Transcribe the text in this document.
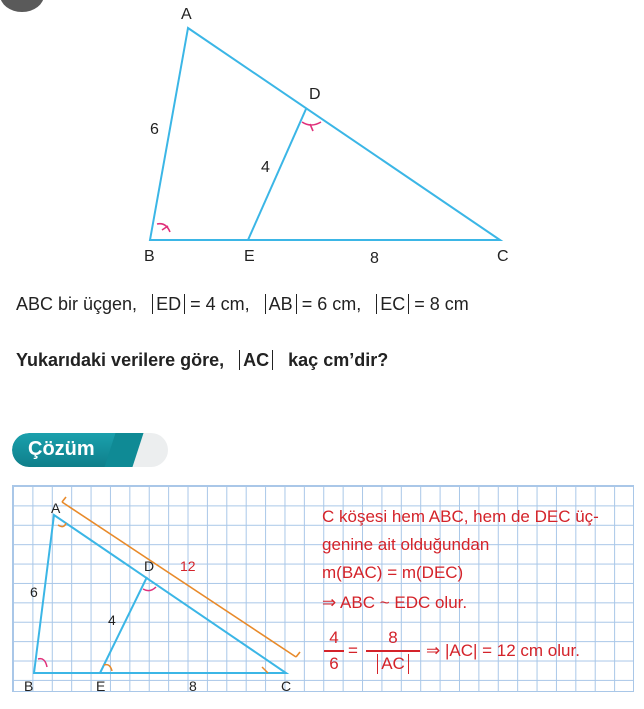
A
B	C
D
E
6
4
8
ABC bir üçgen, ED = 4 cm, AB = 6 cm, EC = 8 cm
Yukarıdaki verilere göre, AC kaç cm’dir?
Çözüm
A
B	C
D
E
6
4
8
12
C köşesi hem ABC, hem de DEC üç-
genine ait olduğundan
m(BAC) = m(DEC)
⇒ ABC ~ EDC olur.
4
6
=
8
AC
⇒ |AC| = 12 cm olur.
